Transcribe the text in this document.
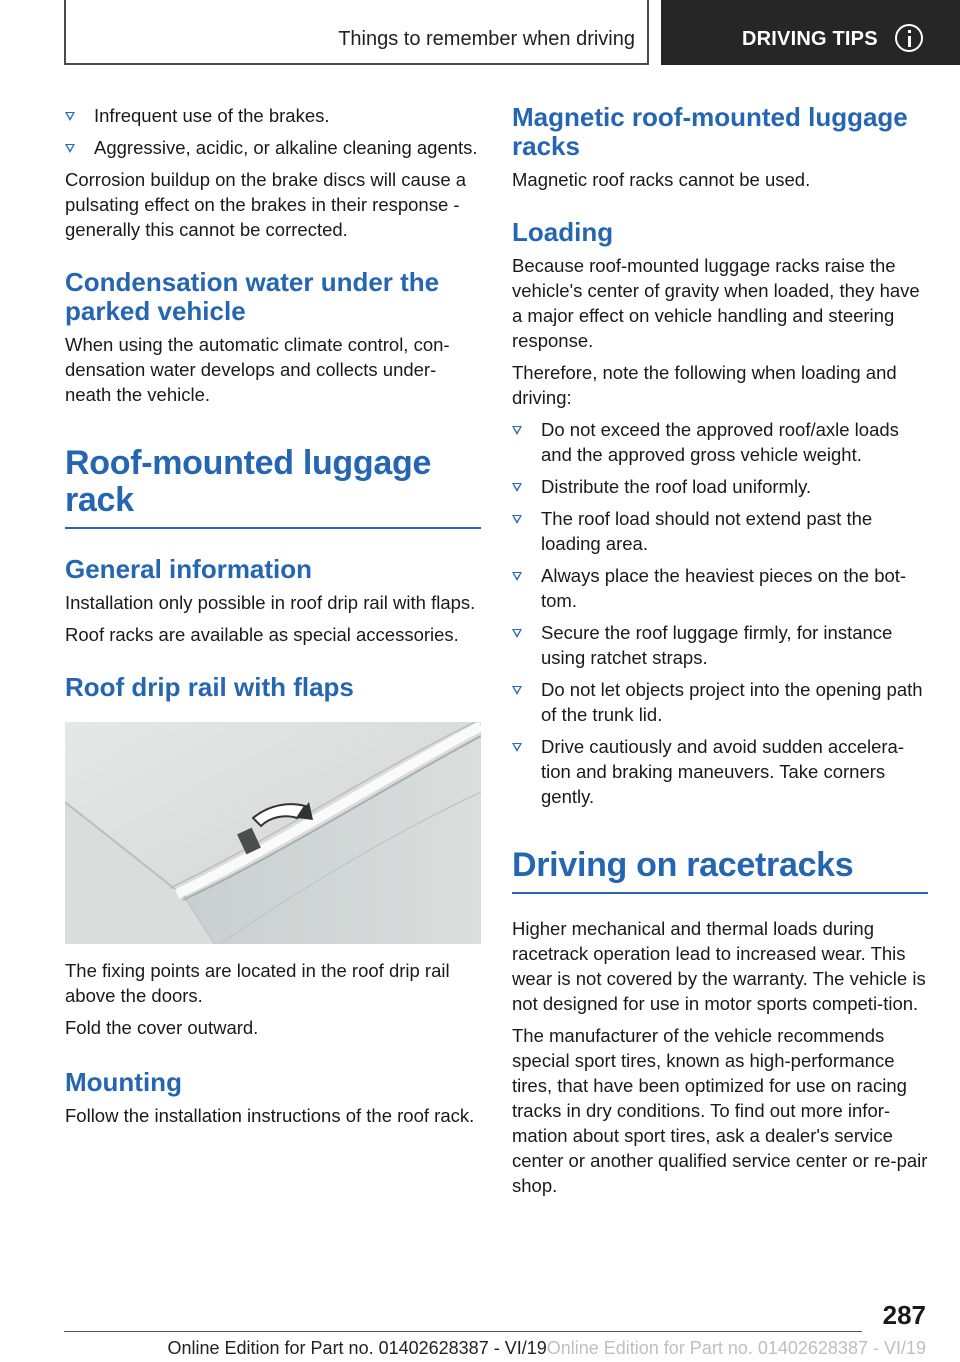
Things to remember when driving	DRIVING TIPS
Infrequent use of the brakes.
Aggressive, acidic, or alkaline cleaning agents.

Corrosion buildup on the brake discs will cause a pulsating effect on the brakes in their response - generally this cannot be corrected.

Condensation water under the parked vehicle

When using the automatic climate control, con‐densation water develops and collects under‐neath the vehicle.

Roof-mounted luggage rack
General information

Installation only possible in roof drip rail with flaps.

Roof racks are available as special accessories.

Roof drip rail with flaps

The fixing points are located in the roof drip rail above the doors.

Fold the cover outward.

Mounting

Follow the installation instructions of the roof rack.

Magnetic roof-mounted luggage racks

Magnetic roof racks cannot be used.

Loading

Because roof-mounted luggage racks raise the vehicle's center of gravity when loaded, they have a major effect on vehicle handling and steering response.

Therefore, note the following when loading and driving:

Do not exceed the approved roof/axle loads and the approved gross vehicle weight.
Distribute the roof load uniformly.
The roof load should not extend past the loading area.
Always place the heaviest pieces on the bot‐tom.
Secure the roof luggage firmly, for instance using ratchet straps.
Do not let objects project into the opening path of the trunk lid.
Drive cautiously and avoid sudden accelera‐tion and braking maneuvers. Take corners gently.
Driving on racetracks

Higher mechanical and thermal loads during racetrack operation lead to increased wear. This wear is not covered by the warranty. The vehicle is not designed for use in motor sports competi‐tion.

The manufacturer of the vehicle recommends special sport tires, known as high-performance tires, that have been optimized for use on racing tracks in dry conditions. To find out more infor‐mation about sport tires, ask a dealer's service center or another qualified service center or re‐pair shop.

287
Online Edition for Part no. 01402628387 - VI/19Online Edition for Part no. 01402628387 - VI/19
